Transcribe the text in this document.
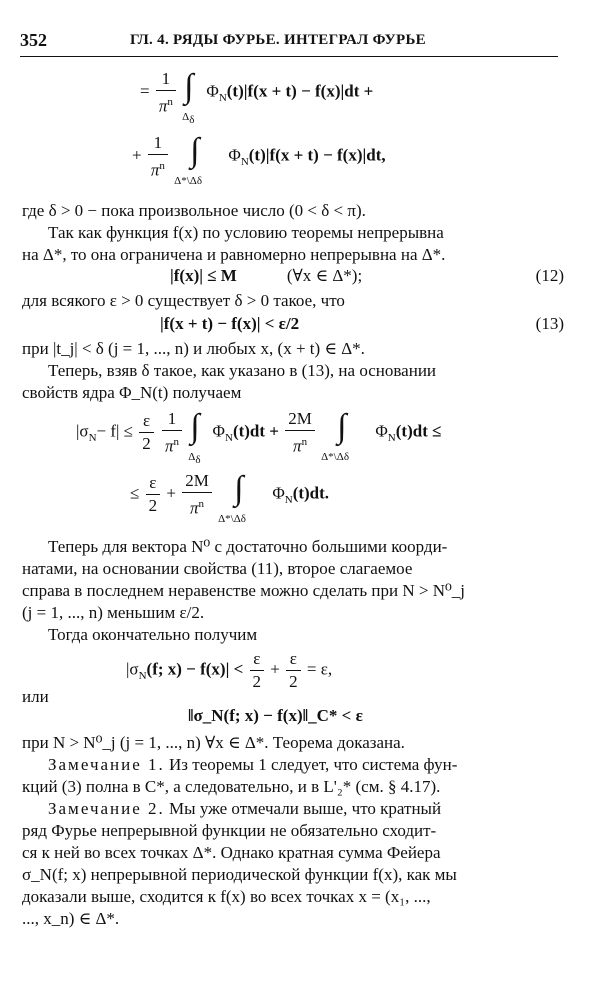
352	ГЛ. 4. РЯДЫ ФУРЬЕ. ИНТЕГРАЛ ФУРЬЕ
= $\frac{1}{\pi^n}$
∫
$\Delta_\delta$
$\Phi_N(t)|f(x + t) - f(x)|dt$ +
+ $\frac{1}{\pi^n}$
∫
Δ*\Δδ
$\Phi_N(t)|f(x + t) - f(x)|dt$,
где δ > 0 − пока произвольное число (0 < δ < π).
Так как функция f(x) по условию теоремы непрерывна
на Δ*, то она ограничена и равномерно непрерывна на Δ*.
|f(x)| ≤ M	(∀x ∈ Δ*);	(12)
для всякого ε > 0 существует δ > 0 такое, что
|f(x + t) − f(x)| < ε/2	(13)
при |t_j| < δ (j = 1, ..., n) и любых x, (x + t) ∈ Δ*.
Теперь, взяв δ такое, как указано в (13), на основании
свойств ядра Φ_N(t) получаем
$|\sigma_N- f| \le \frac{\varepsilon}{2}$
$\frac{1}{\pi^n}$
∫
$\Delta_\delta$
$\Phi_N(t)dt + \frac{2M}{\pi^n}$
∫
Δ*\Δδ
$\Phi_N(t)dt$ ≤
≤ $\frac{\varepsilon}{2} + \frac{2M}{\pi^n}$
∫
Δ*\Δδ
$\Phi_N(t)dt$.
Теперь для вектора N⁰ с достаточно большими коорди-
натами, на основании свойства (11), второе слагаемое
справа в последнем неравенстве можно сделать при N > N⁰_j
(j = 1, ..., n) меньшим ε/2.
Тогда окончательно получим
$|\sigma_N(f$; $x) - f(x)| < \frac{\varepsilon}{2} + \frac{\varepsilon}{2} = \varepsilon$,
или
‖σ_N(f; x) − f(x)‖_C* < ε
при N > N⁰_j (j = 1, ..., n) ∀x ∈ Δ*. Теорема доказана.
Замечание 1. Из теоремы 1 следует, что система фун-
кций (3) полна в C*, а следовательно, и в L'₂* (см. § 4.17).
Замечание 2. Мы уже отмечали выше, что кратный
ряд Фурье непрерывной функции не обязательно сходит-
ся к ней во всех точках Δ*. Однако кратная сумма Фейера
σ_N(f; x) непрерывной периодической функции f(x), как мы
доказали выше, сходится к f(x) во всех точках x = (x₁, ...,
..., x_n) ∈ Δ*.
